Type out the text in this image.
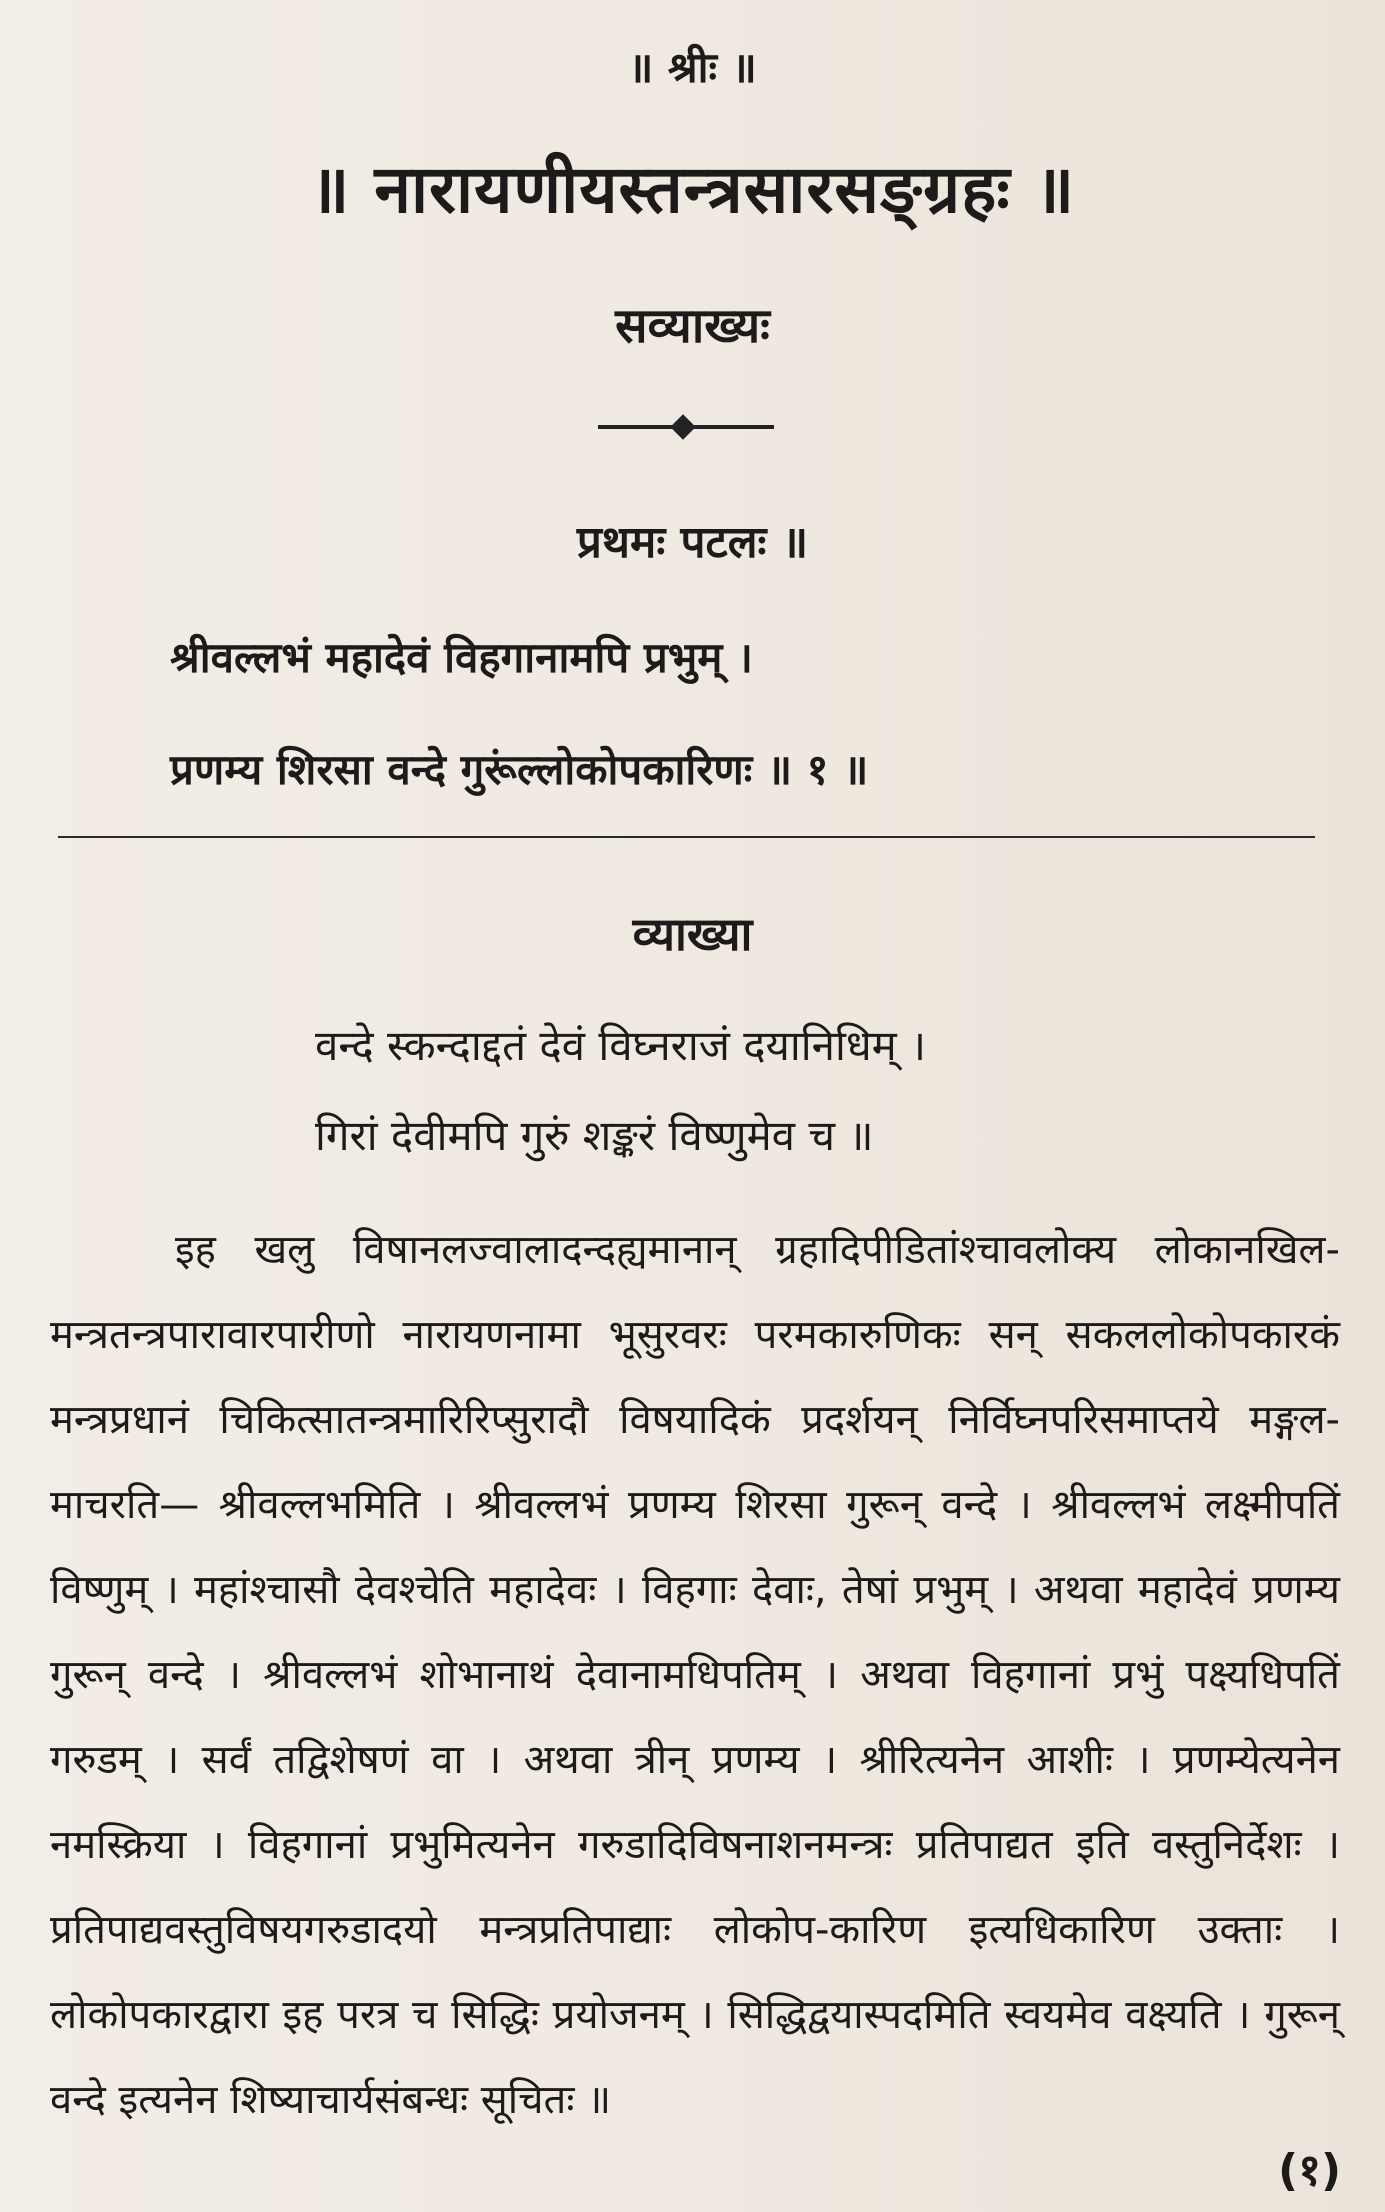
॥ श्रीः ॥
॥ नारायणीयस्तन्त्रसारसङ्ग्रहः ॥
सव्याख्यः
प्रथमः पटलः ॥
श्रीवल्लभं महादेवं विहगानामपि प्रभुम् ।
प्रणम्य शिरसा वन्दे गुरूंल्लोकोपकारिणः ॥ १ ॥
व्याख्या
वन्दे स्कन्दाद्दतं देवं विघ्नराजं दयानिधिम् ।
गिरां देवीमपि गुरुं शङ्करं विष्णुमेव च ॥
इह खलु विषानलज्वालादन्दह्यमानान् ग्रहादिपीडितांश्चावलोक्य लोकानखिल-मन्त्रतन्त्रपारावारपारीणो नारायणनामा भूसुरवरः परमकारुणिकः सन् सकललोकोपकारकं मन्त्रप्रधानं चिकित्सातन्त्रमारिरिप्सुरादौ विषयादिकं प्रदर्शयन् निर्विघ्नपरिसमाप्तये मङ्गल-माचरति— श्रीवल्लभमिति । श्रीवल्लभं प्रणम्य शिरसा गुरून् वन्दे । श्रीवल्लभं लक्ष्मीपतिं विष्णुम् । महांश्चासौ देवश्चेति महादेवः । विहगाः देवाः, तेषां प्रभुम् । अथवा महादेवं प्रणम्य गुरून् वन्दे । श्रीवल्लभं शोभानाथं देवानामधिपतिम् । अथवा विहगानां प्रभुं पक्ष्यधिपतिं गरुडम् । सर्वं तद्विशेषणं वा । अथवा त्रीन् प्रणम्य । श्रीरित्यनेन आशीः । प्रणम्येत्यनेन नमस्क्रिया । विहगानां प्रभुमित्यनेन गरुडादिविषनाशनमन्त्रः प्रतिपाद्यत इति वस्तुनिर्देशः । प्रतिपाद्यवस्तुविषयगरुडादयो मन्त्रप्रतिपाद्याः लोकोप-कारिण इत्यधिकारिण उक्ताः । लोकोपकारद्वारा इह परत्र च सिद्धिः प्रयोजनम् । सिद्धिद्वयास्पदमिति स्वयमेव वक्ष्यति । गुरून् वन्दे इत्यनेन शिष्याचार्यसंबन्धः सूचितः ॥
(१)
